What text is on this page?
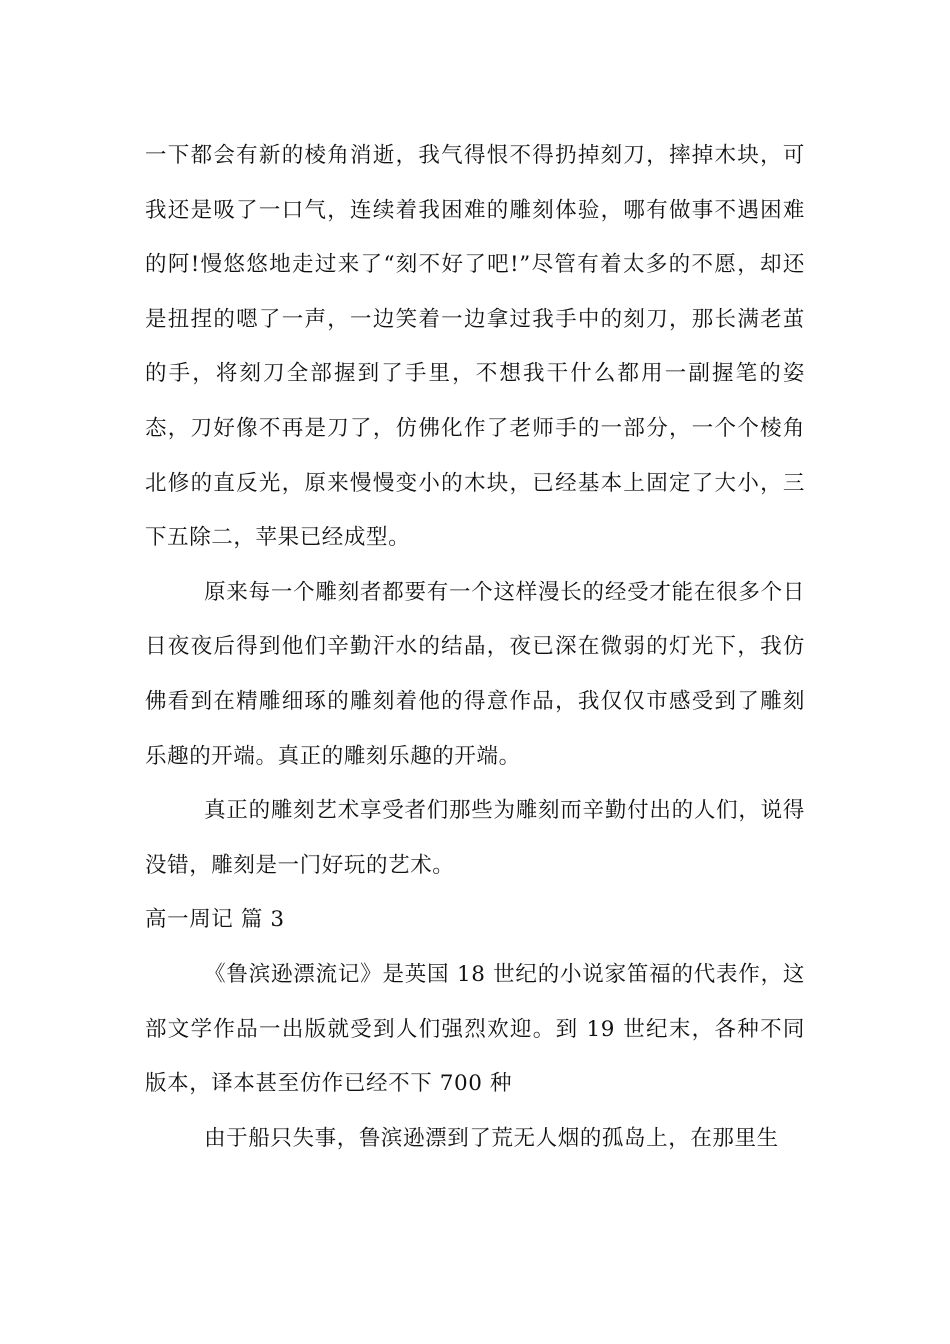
一下都会有新的棱角消逝，我气得恨不得扔掉刻刀，摔掉木块，可我还是吸了一口气，连续着我困难的雕刻体验，哪有做事不遇困难的阿!慢悠悠地走过来了“刻不好了吧!”尽管有着太多的不愿，却还是扭捏的嗯了一声，一边笑着一边拿过我手中的刻刀，那长满老茧的手，将刻刀全部握到了手里，不想我干什么都用一副握笔的姿态，刀好像不再是刀了，仿佛化作了老师手的一部分，一个个棱角北修的直反光，原来慢慢变小的木块，已经基本上固定了大小，三下五除二，苹果已经成型。

原来每一个雕刻者都要有一个这样漫长的经受才能在很多个日日夜夜后得到他们辛勤汗水的结晶，夜已深在微弱的灯光下，我仿佛看到在精雕细琢的雕刻着他的得意作品，我仅仅市感受到了雕刻乐趣的开端。真正的雕刻乐趣的开端。

真正的雕刻艺术享受者们那些为雕刻而辛勤付出的人们，说得没错，雕刻是一门好玩的艺术。

高一周记 篇 3

《鲁滨逊漂流记》是英国 18 世纪的小说家笛福的代表作，这部文学作品一出版就受到人们强烈欢迎。到 19 世纪末，各种不同版本，译本甚至仿作已经不下 700 种

由于船只失事，鲁滨逊漂到了荒无人烟的孤岛上，在那里生
